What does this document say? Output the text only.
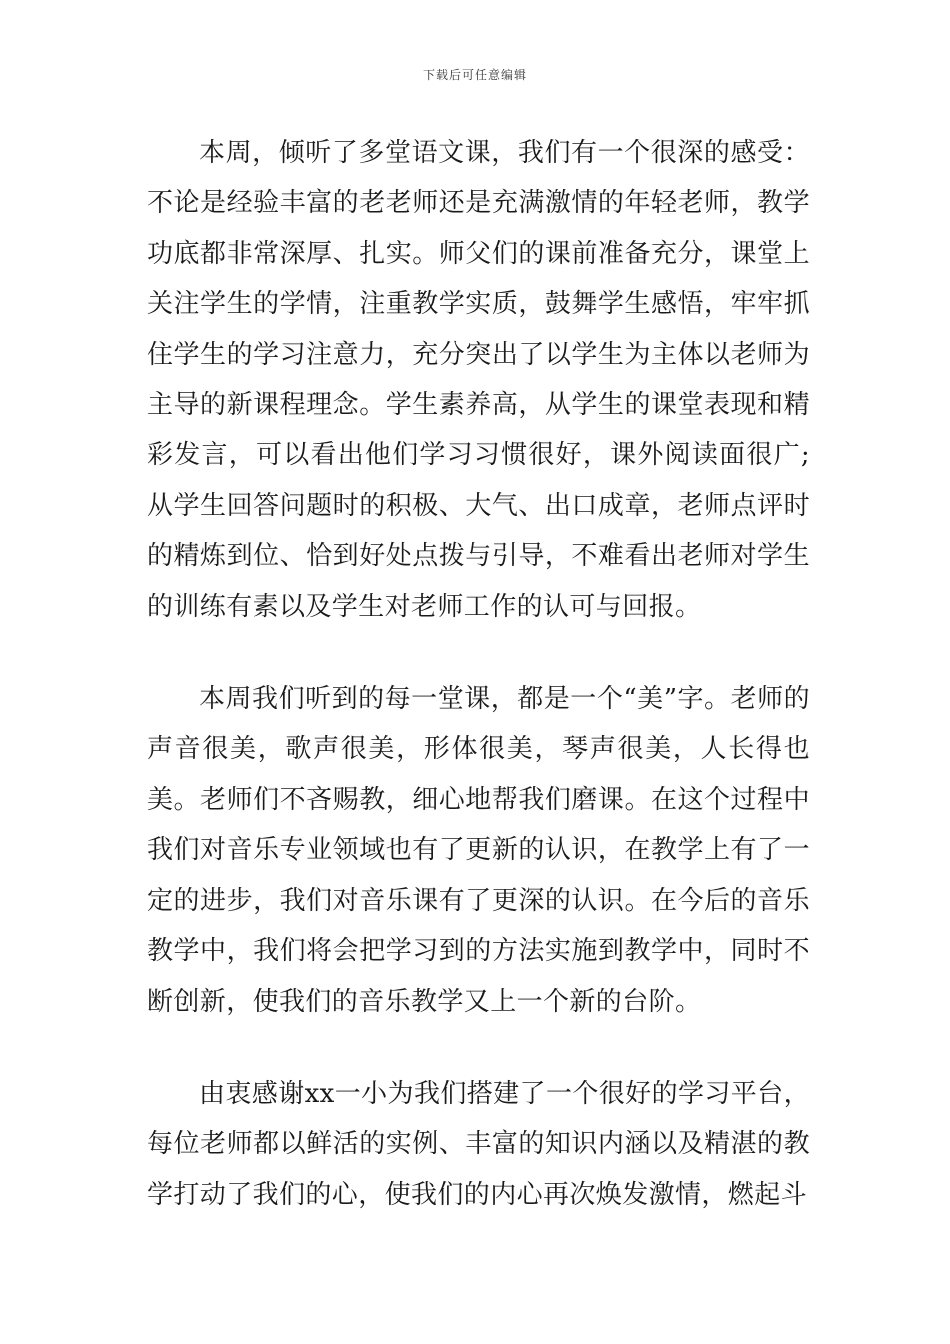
下载后可任意编辑

本周，倾听了多堂语文课，我们有一个很深的感受：不论是经验丰富的老老师还是充满激情的年轻老师，教学功底都非常深厚、扎实。师父们的课前准备充分，课堂上关注学生的学情，注重教学实质，鼓舞学生感悟，牢牢抓住学生的学习注意力，充分突出了以学生为主体以老师为主导的新课程理念。学生素养高，从学生的课堂表现和精彩发言，可以看出他们学习习惯很好，课外阅读面很广;从学生回答问题时的积极、大气、出口成章，老师点评时的精炼到位、恰到好处点拨与引导，不难看出老师对学生的训练有素以及学生对老师工作的认可与回报。

本周我们听到的每一堂课，都是一个“美”字。老师的声音很美，歌声很美，形体很美，琴声很美，人长得也美。老师们不吝赐教，细心地帮我们磨课。在这个过程中我们对音乐专业领域也有了更新的认识，在教学上有了一定的进步，我们对音乐课有了更深的认识。在今后的音乐教学中，我们将会把学习到的方法实施到教学中，同时不断创新，使我们的音乐教学又上一个新的台阶。

由衷感谢xx一小为我们搭建了一个很好的学习平台，每位老师都以鲜活的实例、丰富的知识内涵以及精湛的教学打动了我们的心，使我们的内心再次焕发激情，燃起斗
